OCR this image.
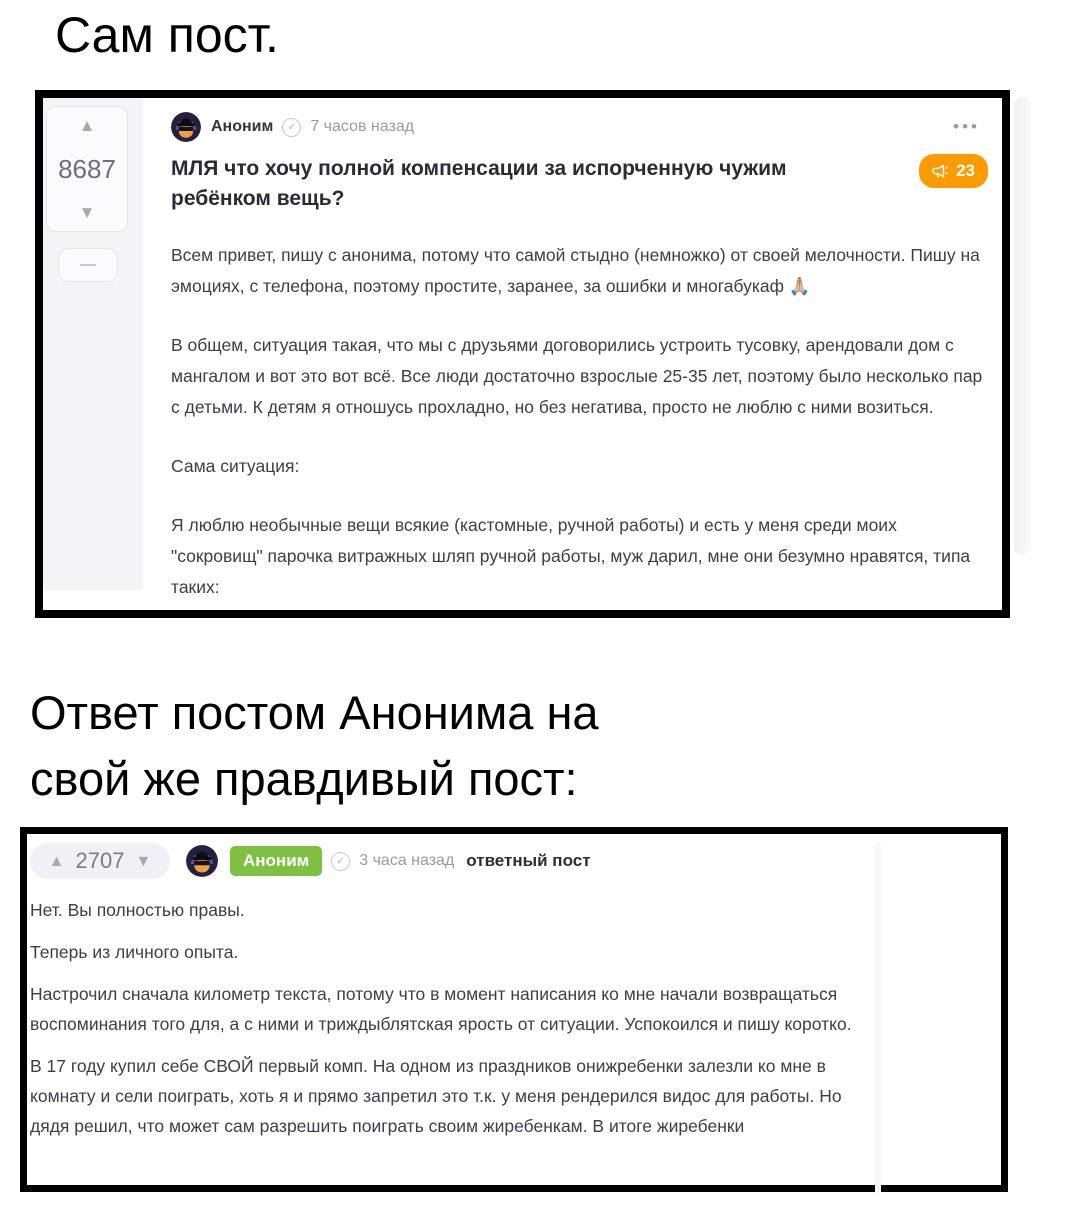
Сам пост.
▲
8687
▼
—
Аноним	✓ 7 часов назад	•••
МЛЯ что хочу полной компенсации за испорченную чужим
ребёнком вещь?
23

Всем привет, пишу с анонима, потому что самой стыдно (немножко) от своей мелочности. Пишу на эмоциях, с телефона, поэтому простите, заранее, за ошибки и многабукаф 🙏🏼

В общем, ситуация такая, что мы с друзьями договорились устроить тусовку, арендовали дом с мангалом и вот это вот всё. Все люди достаточно взрослые 25-35 лет, поэтому было несколько пар с детьми. К детям я отношусь прохладно, но без негатива, просто не люблю с ними возиться.

Сама ситуация:

Я люблю необычные вещи всякие (кастомные, ручной работы) и есть у меня среди моих "сокровищ" парочка витражных шляп ручной работы, муж дарил, мне они безумно нравятся, типа таких:

Ответ постом Анонима на
свой же правдивый пост:
▲ 2707 ▼	Аноним	✓ 3 часа назад ответный пост

Нет. Вы полностью правы.

Теперь из личного опыта.

Настрочил сначала километр текста, потому что в момент написания ко мне начали возвращаться воспоминания того для, а с ними и триждыблятская ярость от ситуации. Успокоился и пишу коротко.

В 17 году купил себе СВОЙ первый комп. На одном из праздников онижребенки залезли ко мне в комнату и сели поиграть, хоть я и прямо запретил это т.к. у меня рендерился видос для работы. Но дядя решил, что может сам разрешить поиграть своим жиребенкам. В итоге жиребенки
